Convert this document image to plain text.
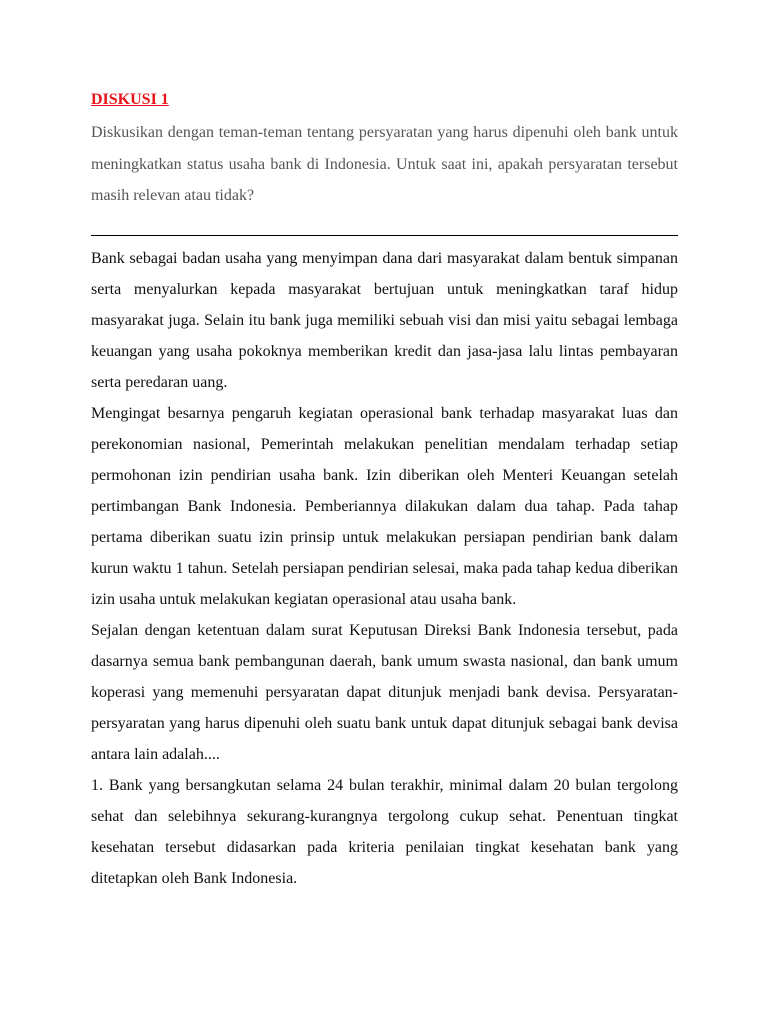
DISKUSI 1

Diskusikan dengan teman-teman tentang persyaratan yang harus dipenuhi oleh bank untuk meningkatkan status usaha bank di Indonesia. Untuk saat ini, apakah persyaratan tersebut masih relevan atau tidak?

Bank sebagai badan usaha yang menyimpan dana dari masyarakat dalam bentuk simpanan serta menyalurkan kepada masyarakat bertujuan untuk meningkatkan taraf hidup masyarakat juga. Selain itu bank juga memiliki sebuah visi dan misi yaitu sebagai lembaga keuangan yang usaha pokoknya memberikan kredit dan jasa-jasa lalu lintas pembayaran serta peredaran uang.

Mengingat besarnya pengaruh kegiatan operasional bank terhadap masyarakat luas dan perekonomian nasional, Pemerintah melakukan penelitian mendalam terhadap setiap permohonan izin pendirian usaha bank. Izin diberikan oleh Menteri Keuangan setelah pertimbangan Bank Indonesia. Pemberiannya dilakukan dalam dua tahap. Pada tahap pertama diberikan suatu izin prinsip untuk melakukan persiapan pendirian bank dalam kurun waktu 1 tahun. Setelah persiapan pendirian selesai, maka pada tahap kedua diberikan izin usaha untuk melakukan kegiatan operasional atau usaha bank.

Sejalan dengan ketentuan dalam surat Keputusan Direksi Bank Indonesia tersebut, pada dasarnya semua bank pembangunan daerah, bank umum swasta nasional, dan bank umum koperasi yang memenuhi persyaratan dapat ditunjuk menjadi bank devisa. Persyaratan-persyaratan yang harus dipenuhi oleh suatu bank untuk dapat ditunjuk sebagai bank devisa antara lain adalah....

1. Bank yang bersangkutan selama 24 bulan terakhir, minimal dalam 20 bulan tergolong sehat dan selebihnya sekurang-kurangnya tergolong cukup sehat. Penentuan tingkat kesehatan tersebut didasarkan pada kriteria penilaian tingkat kesehatan bank yang ditetapkan oleh Bank Indonesia.
